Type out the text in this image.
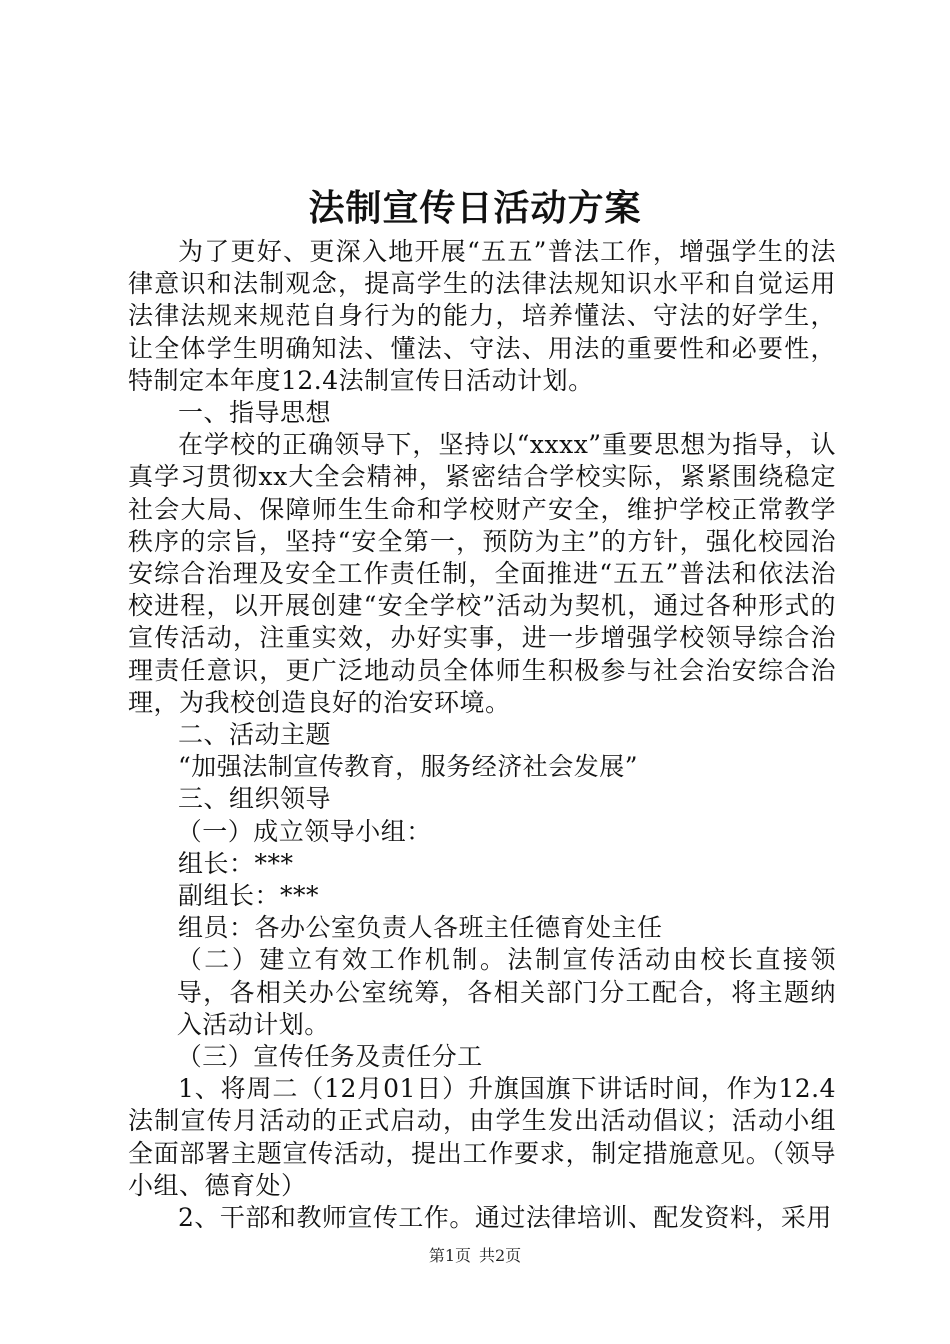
法制宣传日活动方案

为了更好、更深入地开展“五五”普法工作，增强学生的法律意识和法制观念，提高学生的法律法规知识水平和自觉运用法律法规来规范自身行为的能力，培养懂法、守法的好学生，让全体学生明确知法、懂法、守法、用法的重要性和必要性，特制定本年度12.4法制宣传日活动计划。

一、指导思想

在学校的正确领导下，坚持以“xxxx”重要思想为指导，认真学习贯彻xx大全会精神，紧密结合学校实际，紧紧围绕稳定社会大局、保障师生生命和学校财产安全，维护学校正常教学秩序的宗旨，坚持“安全第一，预防为主”的方针，强化校园治安综合治理及安全工作责任制，全面推进“五五”普法和依法治校进程，以开展创建“安全学校”活动为契机，通过各种形式的宣传活动，注重实效，办好实事，进一步增强学校领导综合治理责任意识，更广泛地动员全体师生积极参与社会治安综合治理，为我校创造良好的治安环境。

二、活动主题

“加强法制宣传教育，服务经济社会发展”

三、组织领导

（一）成立领导小组：

组长：***

副组长：***

组员：各办公室负责人各班主任德育处主任

（二）建立有效工作机制。法制宣传活动由校长直接领导，各相关办公室统筹，各相关部门分工配合，将主题纳入活动计划。

（三）宣传任务及责任分工

1、将周二（12月01日）升旗国旗下讲话时间，作为12.4法制宣传月活动的正式启动，由学生发出活动倡议；活动小组全面部署主题宣传活动，提出工作要求，制定措施意见。（领导小组、德育处）

2、干部和教师宣传工作。通过法律培训、配发资料，采用

第1页 共2页
